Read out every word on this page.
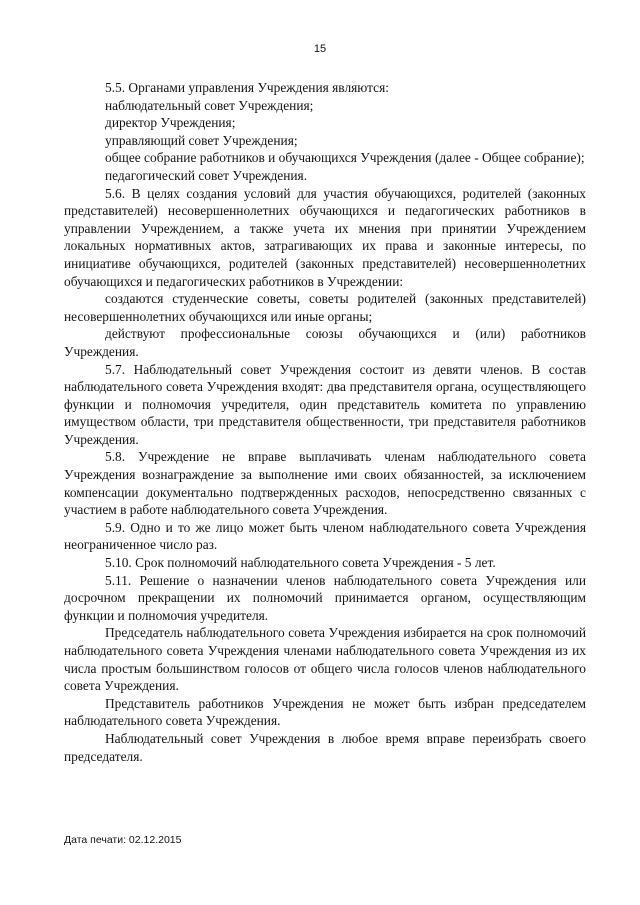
15

5.5. Органами управления Учреждения являются:

наблюдательный совет Учреждения;

директор Учреждения;

управляющий совет Учреждения;

общее собрание работников и обучающихся Учреждения (далее - Общее собрание);

педагогический совет Учреждения.

5.6. В целях создания условий для участия обучающихся, родителей (законных представителей) несовершеннолетних обучающихся и педагогических работников в управлении Учреждением, а также учета их мнения при принятии Учреждением локальных нормативных актов, затрагивающих их права и законные интересы, по инициативе обучающихся, родителей (законных представителей) несовершеннолетних обучающихся и педагогических работников в Учреждении:

создаются студенческие советы, советы родителей (законных представителей) несовершеннолетних обучающихся или иные органы;

действуют профессиональные союзы обучающихся и (или) работников Учреждения.

5.7. Наблюдательный совет Учреждения состоит из девяти членов. В состав наблюдательного совета Учреждения входят: два представителя органа, осуществляющего функции и полномочия учредителя, один представитель комитета по управлению имуществом области, три представителя общественности, три представителя работников Учреждения.

5.8. Учреждение не вправе выплачивать членам наблюдательного совета Учреждения вознаграждение за выполнение ими своих обязанностей, за исключением компенсации документально подтвержденных расходов, непосредственно связанных с участием в работе наблюдательного совета Учреждения.

5.9. Одно и то же лицо может быть членом наблюдательного совета Учреждения неограниченное число раз.

5.10. Срок полномочий наблюдательного совета Учреждения - 5 лет.

5.11. Решение о назначении членов наблюдательного совета Учреждения или досрочном прекращении их полномочий принимается органом, осуществляющим функции и полномочия учредителя.

Председатель наблюдательного совета Учреждения избирается на срок полномочий наблюдательного совета Учреждения членами наблюдательного совета Учреждения из их числа простым большинством голосов от общего числа голосов членов наблюдательного совета Учреждения.

Представитель работников Учреждения не может быть избран председателем наблюдательного совета Учреждения.

Наблюдательный совет Учреждения в любое время вправе переизбрать своего председателя.

Дата печати: 02.12.2015
